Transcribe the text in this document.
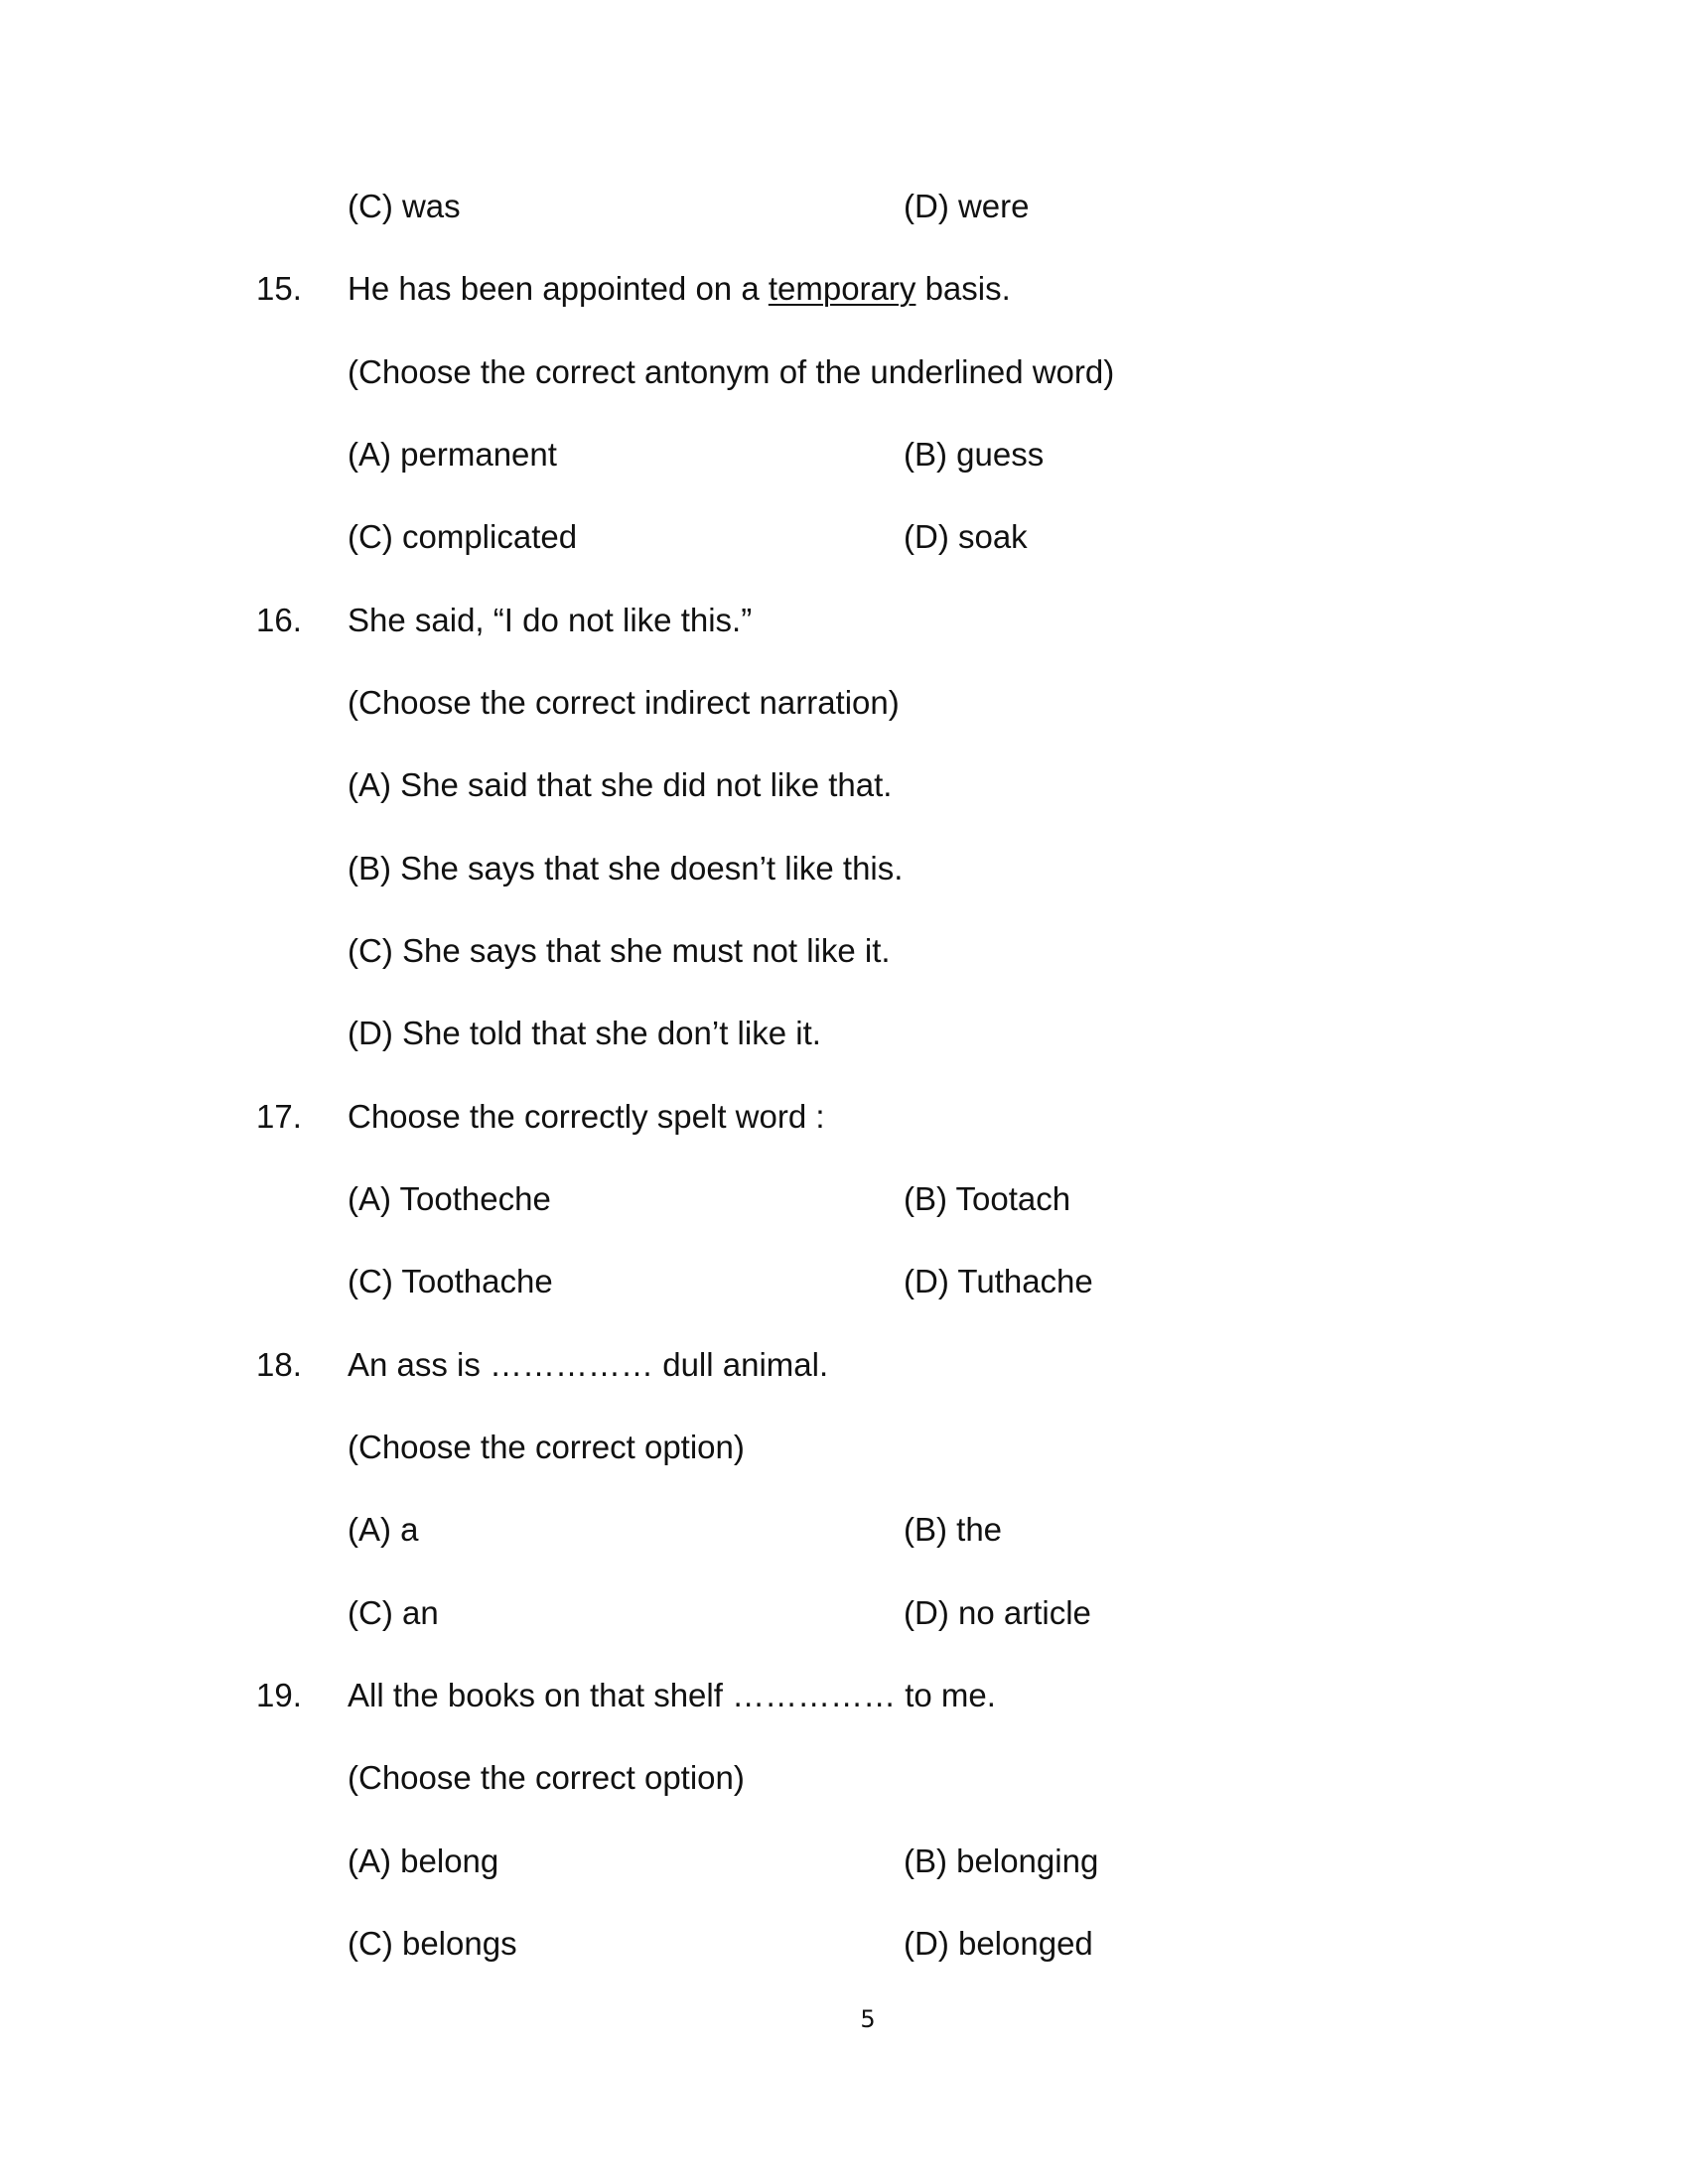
(C) was	(D) were
15. He has been appointed on a temporary basis.
(Choose the correct antonym of the underlined word)
(A) permanent	(B) guess
(C) complicated	(D) soak
16. She said, “I do not like this.”
(Choose the correct indirect narration)
(A) She said that she did not like that.
(B) She says that she doesn’t like this.
(C) She says that she must not like it.
(D) She told that she don’t like it.
17. Choose the correctly spelt word :
(A) Tootheche	(B) Tootach
(C) Toothache	(D) Tuthache
18. An ass is …………… dull animal.
(Choose the correct option)
(A) a	(B) the
(C) an	(D) no article
19. All the books on that shelf …………… to me.
(Choose the correct option)
(A) belong	(B) belonging
(C) belongs	(D) belonged
5
